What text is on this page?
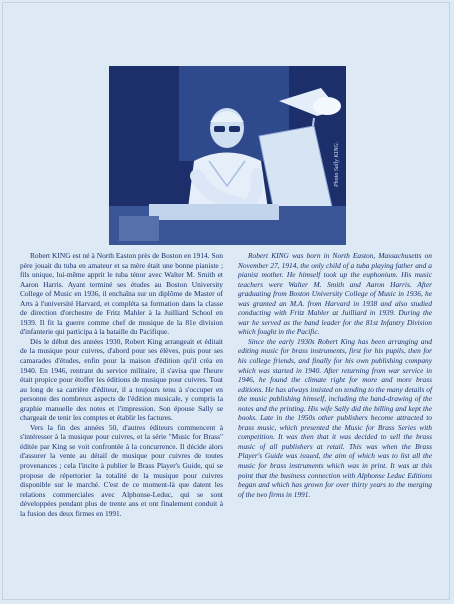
Photo Sally KING.

Robert KING est né à North Easton près de Boston en 1914. Son père jouait du tuba en amateur et sa mère était une bonne pianiste ; fils unique, lui-même apprit le tuba ténor avec Walter M. Smith et Aaron Harris. Ayant terminé ses études au Boston University College of Music en 1936, il enchaîna sur un diplôme de Master of Arts à l'université Harvard, et compléta sa formation dans la classe de direction d'orchestre de Fritz Mahler à la Juilliard School en 1939. Il fit la guerre comme chef de musique de la 81e division d'infanterie qui participa à la bataille du Pacifique.

Dès le début des années 1930, Robert King arrangeait et éditait de la musique pour cuivres, d'abord pour ses élèves, puis pour ses camarades d'études, enfin pour la maison d'édition qu'il créa en 1940. En 1946, rentrant du service militaire, il s'avisa que l'heure était propice pour étoffer les éditions de musique pour cuivres. Tout au long de sa carrière d'éditeur, il a toujours tenu à s'occuper en personne des nombreux aspects de l'édition musicale, y compris la graphie manuelle des notes et l'impression. Son épouse Sally se chargeait de tenir les comptes et établir les factures.

Vers la fin des années 50, d'autres éditeurs commencent à s'intéresser à la musique pour cuivres, et la série "Music for Brass" éditée par King se voit confrontée à la concurrence. Il décide alors d'assurer la vente au détail de musique pour cuivres de toutes provenances ; cela l'incite à publier le Brass Player's Guide, qui se propose de répertorier la totalité de la musique pour cuivres disponible sur le marché. C'est de ce moment-là que datent les relations commerciales avec Alphonse-Leduc, qui se sont développées pendant plus de trente ans et ont finalement conduit à la fusion des deux firmes en 1991.

Robert KING was born in North Easton, Massachusetts on November 27, 1914, the only child of a tuba playing father and a pianist mother. He himself took up the euphonium. His music teachers were Walter M. Smith and Aaron Harris. After graduating from Boston University College of Music in 1936, he was granted an M.A. from Harvard in 1938 and also studied conducting with Fritz Mahler at Juilliard in 1939. During the war he served as the band leader for the 81st Infantry Division which fought in the Pacific.

Since the early 1930s Robert King has been arranging and editing music for brass instruments, first for his pupils, then for his college friends, and finally for his own publishing company which was started in 1940. After returning from war service in 1946, he found the climate right for more and more brass editions. He has always insisted on tending to the many details of the music publishing himself, including the hand-drawing of the notes and the printing. His wife Sally did the billing and kept the books. Late in the 1950s other publishers become attracted to brass music, which presented the Music for Brass Series with competition. It was then that it was decided to sell the brass music of all publishers at retail. This was when the Brass Player's Guide was issued, the aim of which was to list all the music for brass instruments which was in print. It was at this point that the business connection with Alphonse Leduc Editions began and which has grown for over thirty years to the merging of the two firms in 1991.
